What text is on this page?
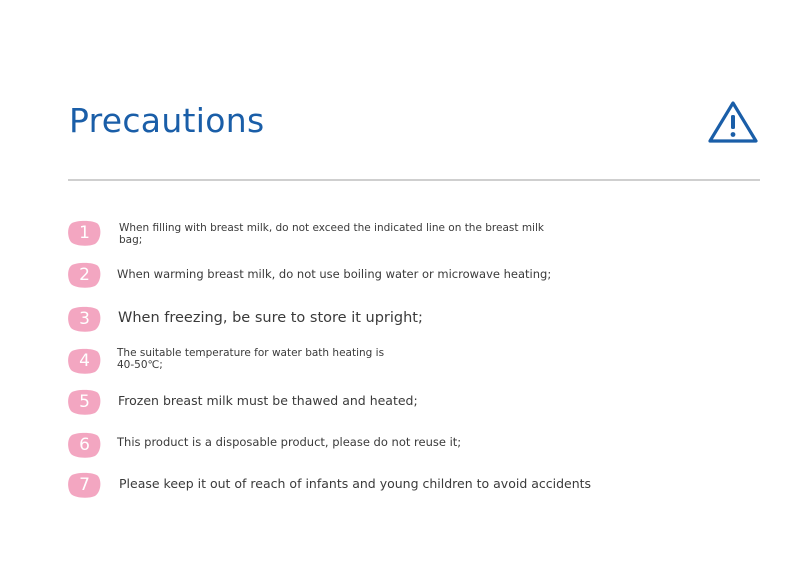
Precautions
1	When filling with breast milk, do not exceed the indicated line on the breast milk
bag;
2	When warming breast milk, do not use boiling water or microwave heating;
3	When freezing, be sure to store it upright;
4	The suitable temperature for water bath heating is
40-50℃;
5	Frozen breast milk must be thawed and heated;
6	This product is a disposable product, please do not reuse it;
7	Please keep it out of reach of infants and young children to avoid accidents
